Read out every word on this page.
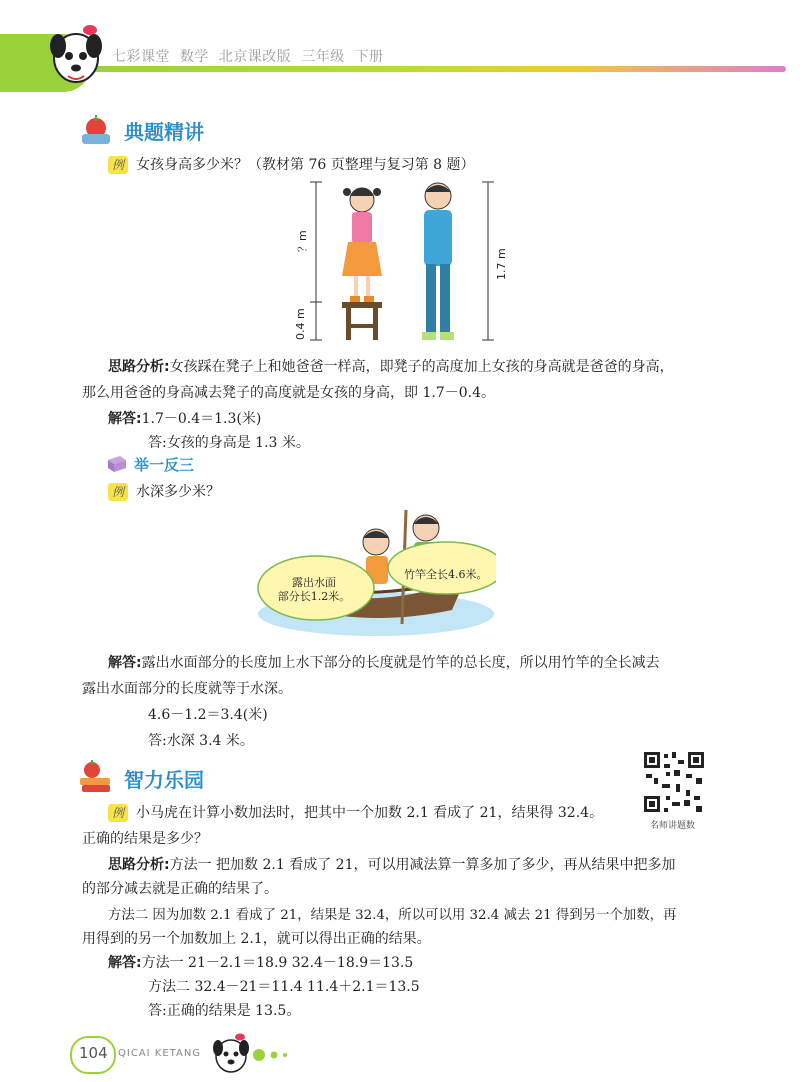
七彩课堂  数学  北京课改版  三年级  下册
典题精讲
例 女孩身高多少米？（教材第 76 页整理与复习第 8 题）
？m
0.4 m
1.7 m
思路分析:女孩踩在凳子上和她爸爸一样高，即凳子的高度加上女孩的身高就是爸爸的身高，
那么用爸爸的身高减去凳子的高度就是女孩的身高，即 1.7－0.4。
解答:1.7－0.4＝1.3(米)
答:女孩的身高是 1.3 米。
举一反三
例 水深多少米？
露出水面
部分长1.2米。
竹竿全长4.6米。
解答:露出水面部分的长度加上水下部分的长度就是竹竿的总长度，所以用竹竿的全长减去
露出水面部分的长度就等于水深。
4.6－1.2＝3.4(米)
答:水深 3.4 米。
智力乐园
名师讲题数
例 小马虎在计算小数加法时，把其中一个加数 2.1 看成了 21，结果得 32.4。
正确的结果是多少？
思路分析:方法一 把加数 2.1 看成了 21，可以用减法算一算多加了多少，再从结果中把多加
的部分减去就是正确的结果了。
方法二 因为加数 2.1 看成了 21，结果是 32.4，所以可以用 32.4 减去 21 得到另一个加数，再
用得到的另一个加数加上 2.1，就可以得出正确的结果。
解答:方法一 21－2.1＝18.9 32.4－18.9＝13.5
方法二 32.4－21＝11.4 11.4＋2.1＝13.5
答:正确的结果是 13.5。
104 QICAI KETANG
